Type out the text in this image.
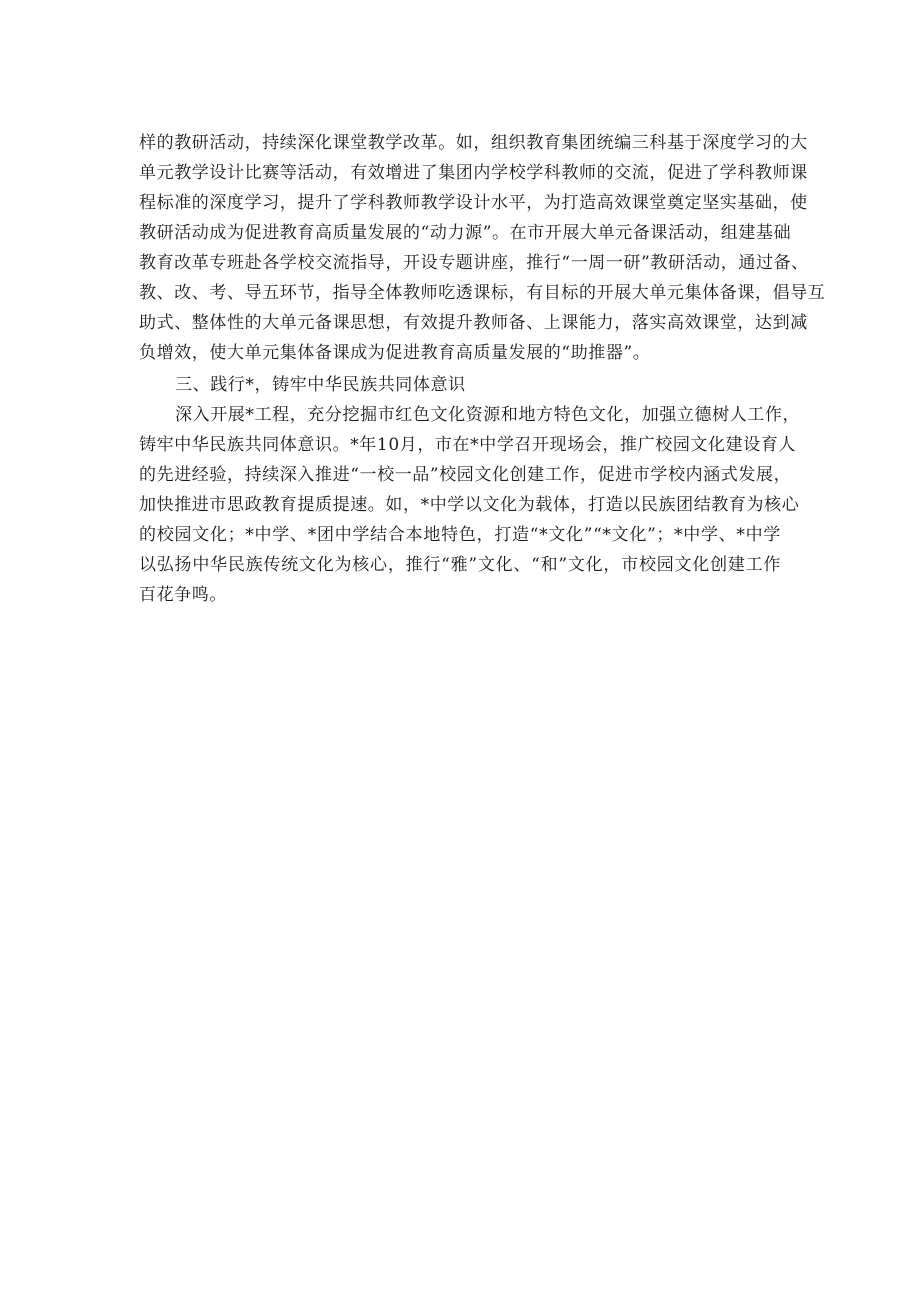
样的教研活动，持续深化课堂教学改革。如，组织教育集团统编三科基于深度学习的大
单元教学设计比赛等活动，有效增进了集团内学校学科教师的交流，促进了学科教师课
程标准的深度学习，提升了学科教师教学设计水平，为打造高效课堂奠定坚实基础，使
教研活动成为促进教育高质量发展的“动力源”。在市开展大单元备课活动，组建基础
教育改革专班赴各学校交流指导，开设专题讲座，推行“一周一研”教研活动，通过备、
教、改、考、导五环节，指导全体教师吃透课标，有目标的开展大单元集体备课，倡导互
助式、整体性的大单元备课思想，有效提升教师备、上课能力，落实高效课堂，达到减
负增效，使大单元集体备课成为促进教育高质量发展的“助推器”。
三、践行*，铸牢中华民族共同体意识
深入开展*工程，充分挖掘市红色文化资源和地方特色文化，加强立德树人工作，
铸牢中华民族共同体意识。*年10月，市在*中学召开现场会，推广校园文化建设育人
的先进经验，持续深入推进“一校一品”校园文化创建工作，促进市学校内涵式发展，
加快推进市思政教育提质提速。如，*中学以文化为载体，打造以民族团结教育为核心
的校园文化；*中学、*团中学结合本地特色，打造“*文化”“*文化”；*中学、*中学
以弘扬中华民族传统文化为核心，推行“雅”文化、“和”文化，市校园文化创建工作
百花争鸣。
